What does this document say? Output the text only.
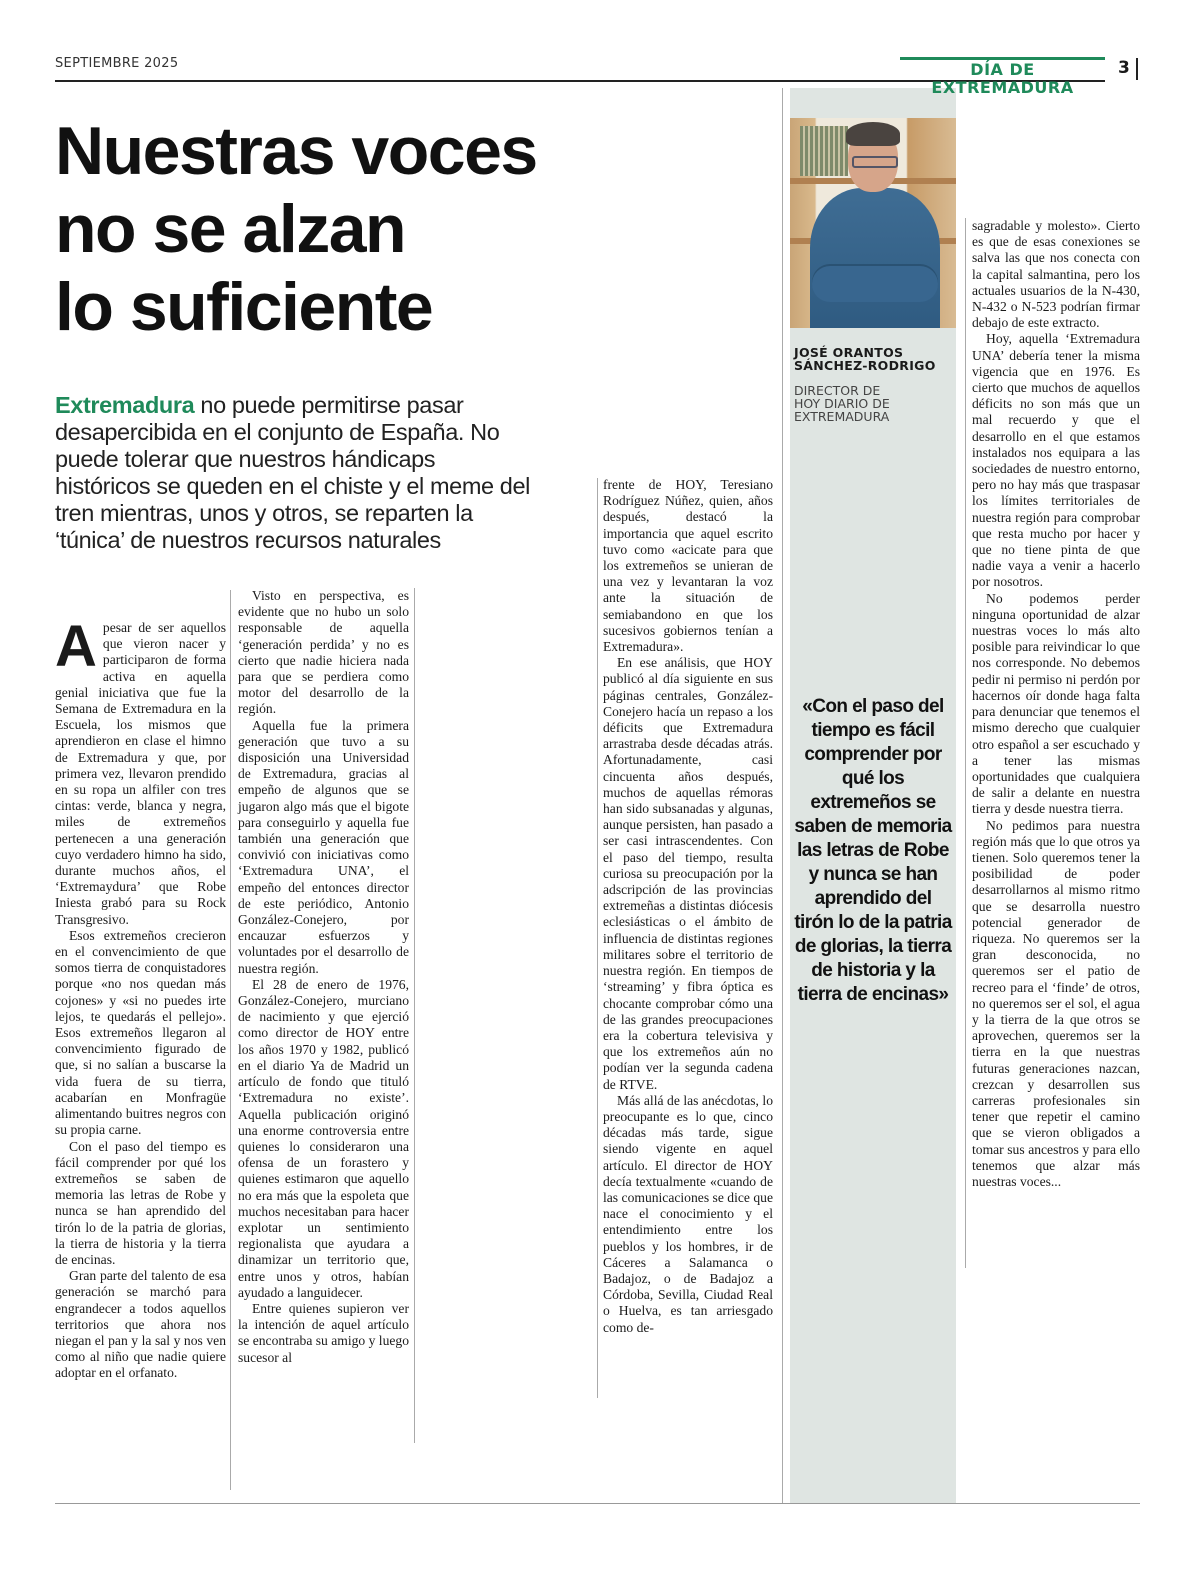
SEPTIEMBRE 2025	DÍA DE EXTREMADURA
3
Nuestras voces
no se alzan
lo suficiente
Extremadura no puede permitirse pasar desapercibida en el conjunto de España. No puede tolerar que nuestros hándicaps históricos se queden en el chiste y el meme del tren mientras, unos y otros, se reparten la ‘túnica’ de nuestros recursos naturales

Apesar de ser aquellos que vieron nacer y participaron de forma activa en aquella genial iniciativa que fue la Semana de Extremadura en la Escuela, los mismos que aprendieron en clase el himno de Extremadura y que, por primera vez, llevaron prendido en su ropa un alfiler con tres cintas: verde, blanca y negra, miles de extremeños pertenecen a una generación cuyo verdadero himno ha sido, durante muchos años, el ‘Extremaydura’ que Robe Iniesta grabó para su Rock Transgresivo.

Esos extremeños crecieron en el convencimiento de que somos tierra de conquistadores porque «no nos quedan más cojones» y «si no puedes irte lejos, te quedarás el pellejo». Esos extremeños llegaron al convencimiento figurado de que, si no salían a buscarse la vida fuera de su tierra, acabarían en Monfragüe alimentando buitres negros con su propia carne.

Con el paso del tiempo es fácil comprender por qué los extremeños se saben de memoria las letras de Robe y nunca se han aprendido del tirón lo de la patria de glorias, la tierra de historia y la tierra de encinas.

Gran parte del talento de esa generación se marchó para engrandecer a todos aquellos territorios que ahora nos niegan el pan y la sal y nos ven como al niño que nadie quiere adoptar en el orfanato.

Visto en perspectiva, es evidente que no hubo un solo responsable de aquella ‘generación perdida’ y no es cierto que nadie hiciera nada para que se perdiera como motor del desarrollo de la región.

Aquella fue la primera generación que tuvo a su disposición una Universidad de Extremadura, gracias al empeño de algunos que se jugaron algo más que el bigote para conseguirlo y aquella fue también una generación que convivió con iniciativas como ‘Extremadura UNA’, el empeño del entonces director de este periódico, Antonio González-Conejero, por encauzar esfuerzos y voluntades por el desarrollo de nuestra región.

El 28 de enero de 1976, González-Conejero, murciano de nacimiento y que ejerció como director de HOY entre los años 1970 y 1982, publicó en el diario Ya de Madrid un artículo de fondo que tituló ‘Extremadura no existe’. Aquella publicación originó una enorme controversia entre quienes lo consideraron una ofensa de un forastero y quienes estimaron que aquello no era más que la espoleta que muchos necesitaban para hacer explotar un sentimiento regionalista que ayudara a dinamizar un territorio que, entre unos y otros, habían ayudado a languidecer.

Entre quienes supieron ver la intención de aquel artículo se encontraba su amigo y luego sucesor al

frente de HOY, Teresiano Rodríguez Núñez, quien, años después, destacó la importancia que aquel escrito tuvo como «acicate para que los extremeños se unieran de una vez y levantaran la voz ante la situación de semiabandono en que los sucesivos gobiernos tenían a Extremadura».

En ese análisis, que HOY publicó al día siguiente en sus páginas centrales, González-Conejero hacía un repaso a los déficits que Extremadura arrastraba desde décadas atrás. Afortunadamente, casi cincuenta años después, muchos de aquellas rémoras han sido subsanadas y algunas, aunque persisten, han pasado a ser casi intrascendentes. Con el paso del tiempo, resulta curiosa su preocupación por la adscripción de las provincias extremeñas a distintas diócesis eclesiásticas o el ámbito de influencia de distintas regiones militares sobre el territorio de nuestra región. En tiempos de ‘streaming’ y fibra óptica es chocante comprobar cómo una de las grandes preocupaciones era la cobertura televisiva y que los extremeños aún no podían ver la segunda cadena de RTVE.

Más allá de las anécdotas, lo preocupante es lo que, cinco décadas más tarde, sigue siendo vigente en aquel artículo. El director de HOY decía textualmente «cuando de las comunicaciones se dice que nace el conocimiento y el entendimiento entre los pueblos y los hombres, ir de Cáceres a Salamanca o Badajoz, o de Badajoz a Córdoba, Sevilla, Ciudad Real o Huelva, es tan arriesgado como de-

JOSÉ ORANTOS
SÁNCHEZ-RODRIGO
DIRECTOR DE
HOY DIARIO DE
EXTREMADURA
«Con el paso del tiempo es fácil comprender por qué los extremeños se saben de memoria las letras de Robe y nunca se han aprendido del tirón lo de la patria de glorias, la tierra de historia y la tierra de encinas»

sagradable y molesto». Cierto es que de esas conexiones se salva las que nos conecta con la capital salmantina, pero los actuales usuarios de la N-430, N-432 o N-523 podrían firmar debajo de este extracto.

Hoy, aquella ‘Extremadura UNA’ debería tener la misma vigencia que en 1976. Es cierto que muchos de aquellos déficits no son más que un mal recuerdo y que el desarrollo en el que estamos instalados nos equipara a las sociedades de nuestro entorno, pero no hay más que traspasar los límites territoriales de nuestra región para comprobar que resta mucho por hacer y que no tiene pinta de que nadie vaya a venir a hacerlo por nosotros.

No podemos perder ninguna oportunidad de alzar nuestras voces lo más alto posible para reivindicar lo que nos corresponde. No debemos pedir ni permiso ni perdón por hacernos oír donde haga falta para denunciar que tenemos el mismo derecho que cualquier otro español a ser escuchado y a tener las mismas oportunidades que cualquiera de salir a delante en nuestra tierra y desde nuestra tierra.

No pedimos para nuestra región más que lo que otros ya tienen. Solo queremos tener la posibilidad de poder desarrollarnos al mismo ritmo que se desarrolla nuestro potencial generador de riqueza. No queremos ser la gran desconocida, no queremos ser el patio de recreo para el ‘finde’ de otros, no queremos ser el sol, el agua y la tierra de la que otros se aprovechen, queremos ser la tierra en la que nuestras futuras generaciones nazcan, crezcan y desarrollen sus carreras profesionales sin tener que repetir el camino que se vieron obligados a tomar sus ancestros y para ello tenemos que alzar más nuestras voces...
